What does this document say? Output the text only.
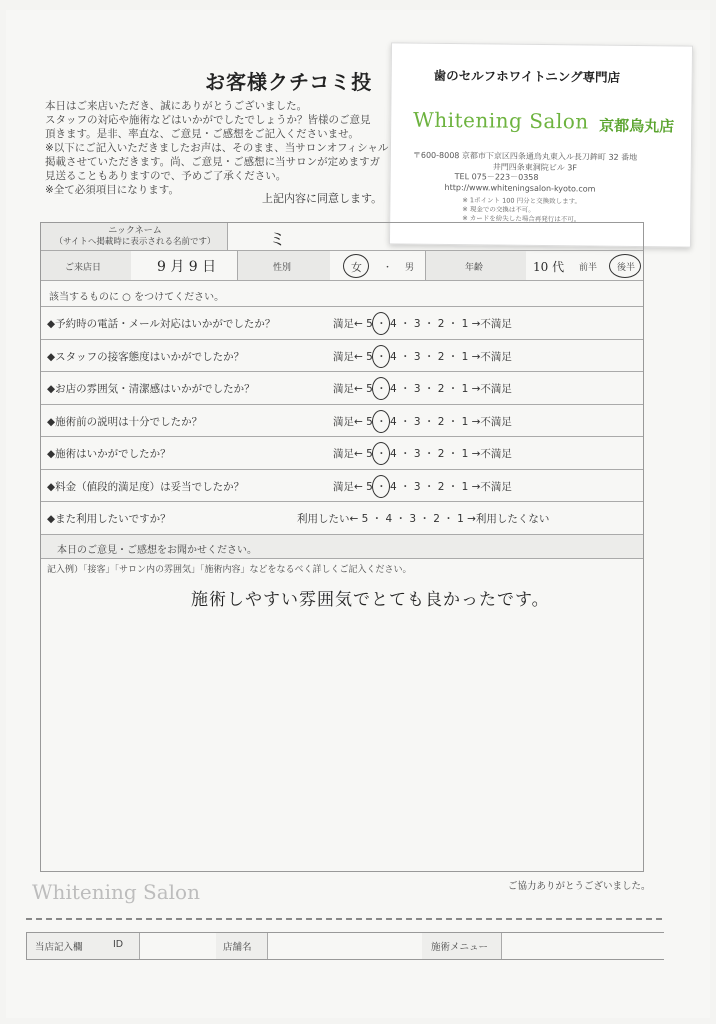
お客様クチコミ投
本日はご来店いただき、誠にありがとうございました。
スタッフの対応や施術などはいかがでしたでしょうか？皆様のご意見
頂きます。是非、率直な、ご意見・ご感想をご記入くださいませ。
※以下にご記入いただきましたお声は、そのまま、当サロンオフィシャル
掲載させていただきます。尚、ご意見・ご感想に当サロンが定めますガ
見送ることもありますので、予めご了承ください。
※全て必須項目になります。
上記内容に同意します。
歯のセルフホワイトニング専門店
Whitening Salon 京都烏丸店
〒600-8008 京都市下京区四条通烏丸東入ル長刀鉾町 32 番地
井門四条東洞院ビル 3F
TEL 075－223－0358
http://www.whiteningsalon-kyoto.com
※ 1ポイント 100 円分と交換致します。
※ 現金での交換は不可。
※ カードを紛失した場合再発行は不可。
ニックネーム
（サイトへ掲載時に表示される名前です）	ミ
ご来店日	9 月 9 日	性別	女 ・ 男	年齢	10 代 前半 後半
該当するものに ○ をつけてください。
◆予約時の電話・メール対応はいかがでしたか？	満足← 5 ・ 4 ・ 3 ・ 2 ・ 1 →不満足
◆スタッフの接客態度はいかがでしたか？	満足← 5 ・ 4 ・ 3 ・ 2 ・ 1 →不満足
◆お店の雰囲気・清潔感はいかがでしたか？	満足← 5 ・ 4 ・ 3 ・ 2 ・ 1 →不満足
◆施術前の説明は十分でしたか？	満足← 5 ・ 4 ・ 3 ・ 2 ・ 1 →不満足
◆施術はいかがでしたか？	満足← 5 ・ 4 ・ 3 ・ 2 ・ 1 →不満足
◆料金（値段的満足度）は妥当でしたか？	満足← 5 ・ 4 ・ 3 ・ 2 ・ 1 →不満足
◆また利用したいですか？	利用したい← 5 ・ 4 ・ 3 ・ 2 ・ 1 →利用したくない
本日のご意見・ご感想をお聞かせください。
記入例）「接客」「サロン内の雰囲気」「施術内容」などをなるべく詳しくご記入ください。
施術しやすい雰囲気でとても良かったです。
Whitening Salon	ご協力ありがとうございました。
当店記入欄	ID	店舗名	施術メニュー
